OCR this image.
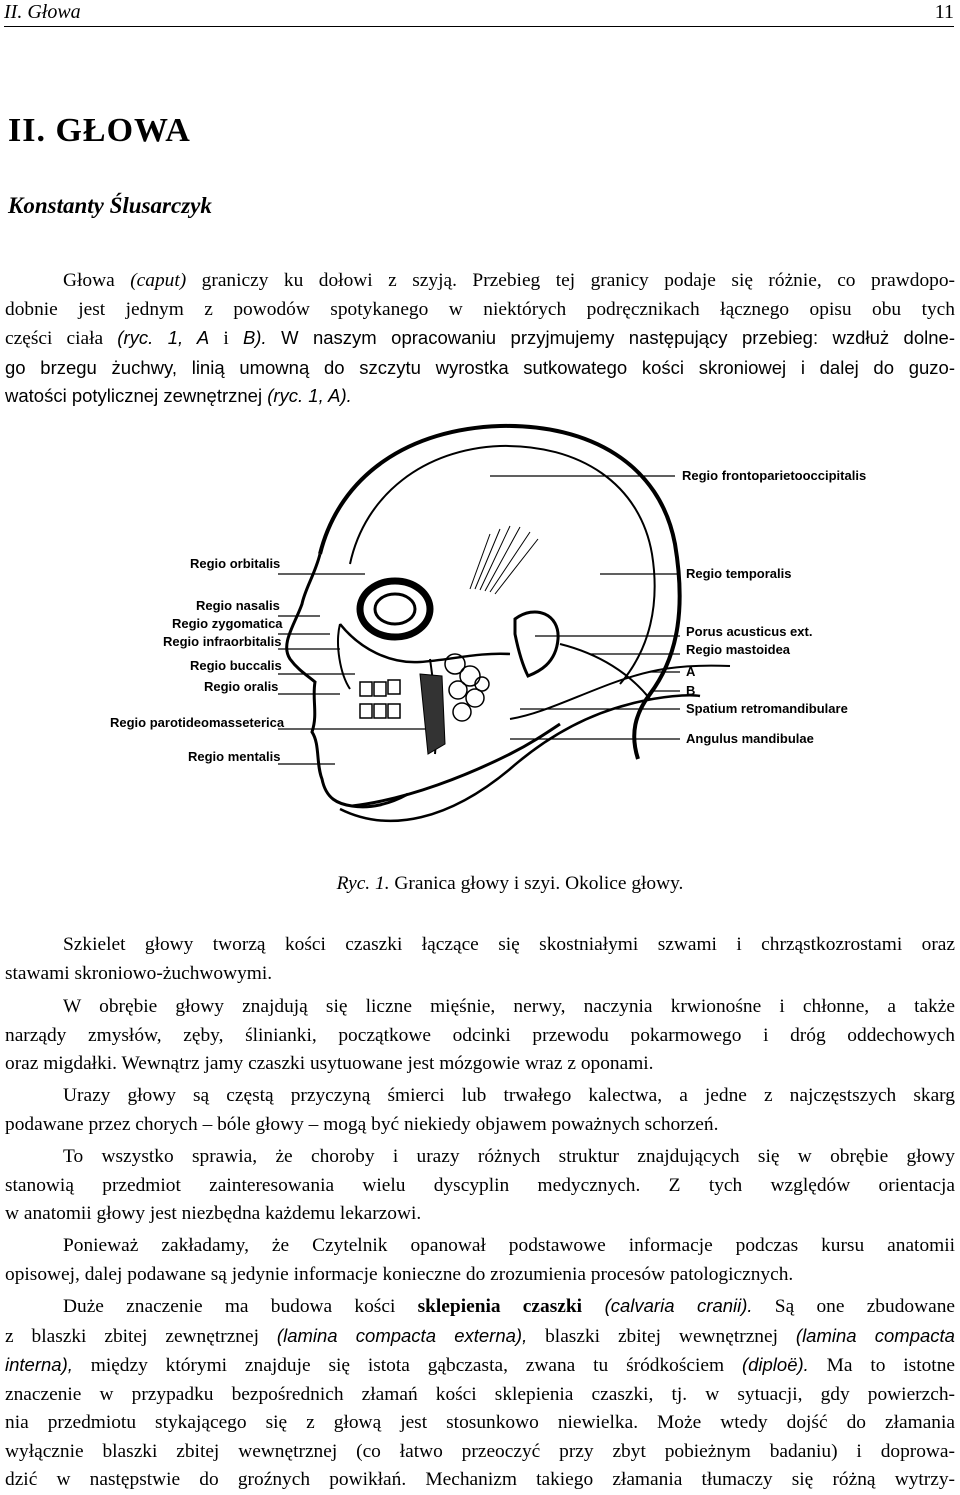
II. Głowa	11
II. GŁOWA

Konstanty Ślusarczyk

Głowa (caput) graniczy ku dołowi z szyją. Przebieg tej granicy podaje się różnie, co prawdopo-
dobnie jest jednym z powodów spotykanego w niektórych podręcznikach łącznego opisu obu tych
części ciała (ryc. 1, A i B). W naszym opracowaniu przyjmujemy następujący przebieg: wzdłuż dolne-
go brzegu żuchwy, linią umowną do szczytu wyrostka sutkowatego kości skroniowej i dalej do guzo-
watości potylicznej zewnętrznej (ryc. 1, A).
Regio orbitalis
Regio nasalis
Regio zygomatica
Regio infraorbitalis
Regio buccalis
Regio oralis
Regio parotideomasseterica
Regio mentalis
Regio frontoparietooccipitalis
Regio temporalis
Porus acusticus ext.
Regio mastoidea
A
B
Spatium retromandibulare
Angulus mandibulae
Ryc. 1. Granica głowy i szyi. Okolice głowy.
Szkielet głowy tworzą kości czaszki łączące się skostniałymi szwami i chrząstkozrostami oraz
stawami skroniowo-żuchwowymi.
W obrębie głowy znajdują się liczne mięśnie, nerwy, naczynia krwionośne i chłonne, a także
narządy zmysłów, zęby, ślinianki, początkowe odcinki przewodu pokarmowego i dróg oddechowych
oraz migdałki. Wewnątrz jamy czaszki usytuowane jest mózgowie wraz z oponami.
Urazy głowy są częstą przyczyną śmierci lub trwałego kalectwa, a jedne z najczęstszych skarg
podawane przez chorych – bóle głowy – mogą być niekiedy objawem poważnych schorzeń.
To wszystko sprawia, że choroby i urazy różnych struktur znajdujących się w obrębie głowy
stanowią przedmiot zainteresowania wielu dyscyplin medycznych. Z tych względów orientacja
w anatomii głowy jest niezbędna każdemu lekarzowi.
Ponieważ zakładamy, że Czytelnik opanował podstawowe informacje podczas kursu anatomii
opisowej, dalej podawane są jedynie informacje konieczne do zrozumienia procesów patologicznych.
Duże znaczenie ma budowa kości sklepienia czaszki (calvaria cranii). Są one zbudowane
z blaszki zbitej zewnętrznej (lamina compacta externa), blaszki zbitej wewnętrznej (lamina compacta
interna), między którymi znajduje się istota gąbczasta, zwana tu śródkościem (diploë). Ma to istotne
znaczenie w przypadku bezpośrednich złamań kości sklepienia czaszki, tj. w sytuacji, gdy powierzch-
nia przedmiotu stykającego się z głową jest stosunkowo niewielka. Może wtedy dojść do złamania
wyłącznie blaszki zbitej wewnętrznej (co łatwo przeoczyć przy zbyt pobieżnym badaniu) i doprowa-
dzić w następstwie do groźnych powikłań. Mechanizm takiego złamania tłumaczy się różną wytrzy-
